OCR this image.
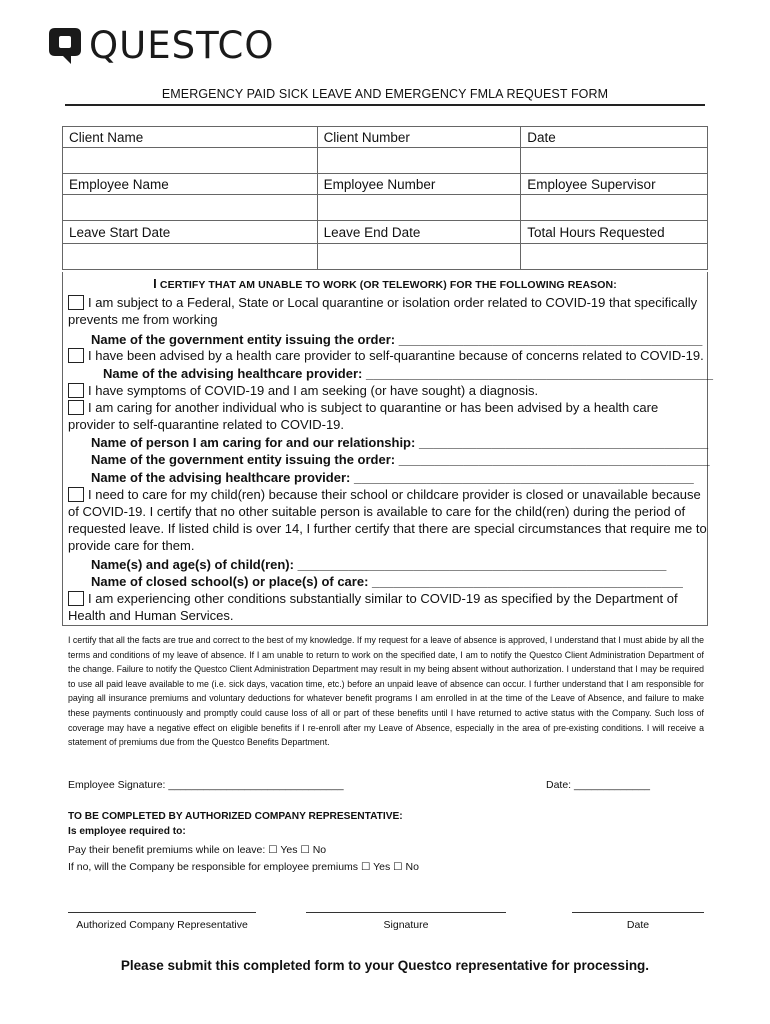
QUESTCO
EMERGENCY PAID SICK LEAVE AND EMERGENCY FMLA REQUEST FORM
Client Name	Client Number	Date

Employee Name	Employee Number	Employee Supervisor

Leave Start Date	Leave End Date	Total Hours Requested

I CERTIFY THAT AM UNABLE TO WORK (OR TELEWORK) FOR THE FOLLOWING REASON:
I am subject to a Federal, State or Local quarantine or isolation order related to COVID-19 that specifically prevents me from working
Name of the government entity issuing the order: __________________________________________
I have been advised by a health care provider to self-quarantine because of concerns related to COVID-19.
Name of the advising healthcare provider: ________________________________________________
I have symptoms of COVID-19 and I am seeking (or have sought) a diagnosis.
I am caring for another individual who is subject to quarantine or has been advised by a health care provider to self-quarantine related to COVID-19.
Name of person I am caring for and our relationship: ________________________________________
Name of the government entity issuing the order: ___________________________________________
Name of the advising healthcare provider: _______________________________________________
I need to care for my child(ren) because their school or childcare provider is closed or unavailable because of COVID-19. I certify that no other suitable person is available to care for the child(ren) during the period of requested leave. If listed child is over 14, I further certify that there are special circumstances that require me to provide care for them.
Name(s) and age(s) of child(ren): ___________________________________________________
Name of closed school(s) or place(s) of care: ___________________________________________
I am experiencing other conditions substantially similar to COVID-19 as specified by the Department of Health and Human Services.
I certify that all the facts are true and correct to the best of my knowledge. If my request for a leave of absence is approved, I understand that I must abide by all the terms and conditions of my leave of absence. If I am unable to return to work on the specified date, I am to notify the Questco Client Administration Department of the change. Failure to notify the Questco Client Administration Department may result in my being absent without authorization. I understand that I may be required to use all paid leave available to me (i.e. sick days, vacation time, etc.) before an unpaid leave of absence can occur. I further understand that I am responsible for paying all insurance premiums and voluntary deductions for whatever benefit programs I am enrolled in at the time of the Leave of Absence, and failure to make these payments continuously and promptly could cause loss of all or part of these benefits until I have returned to active status with the Company. Such loss of coverage may have a negative effect on eligible benefits if I re-enroll after my Leave of Absence, especially in the area of pre-existing conditions. I will receive a statement of premiums due from the Questco Benefits Department.
Employee Signature: ______________________________	Date: _____________
TO BE COMPLETED BY AUTHORIZED COMPANY REPRESENTATIVE:
Is employee required to:
Pay their benefit premiums while on leave: ☐ Yes ☐ No
If no, will the Company be responsible for employee premiums ☐ Yes ☐ No
Authorized Company Representative	Signature	Date
Please submit this completed form to your Questco representative for processing.
